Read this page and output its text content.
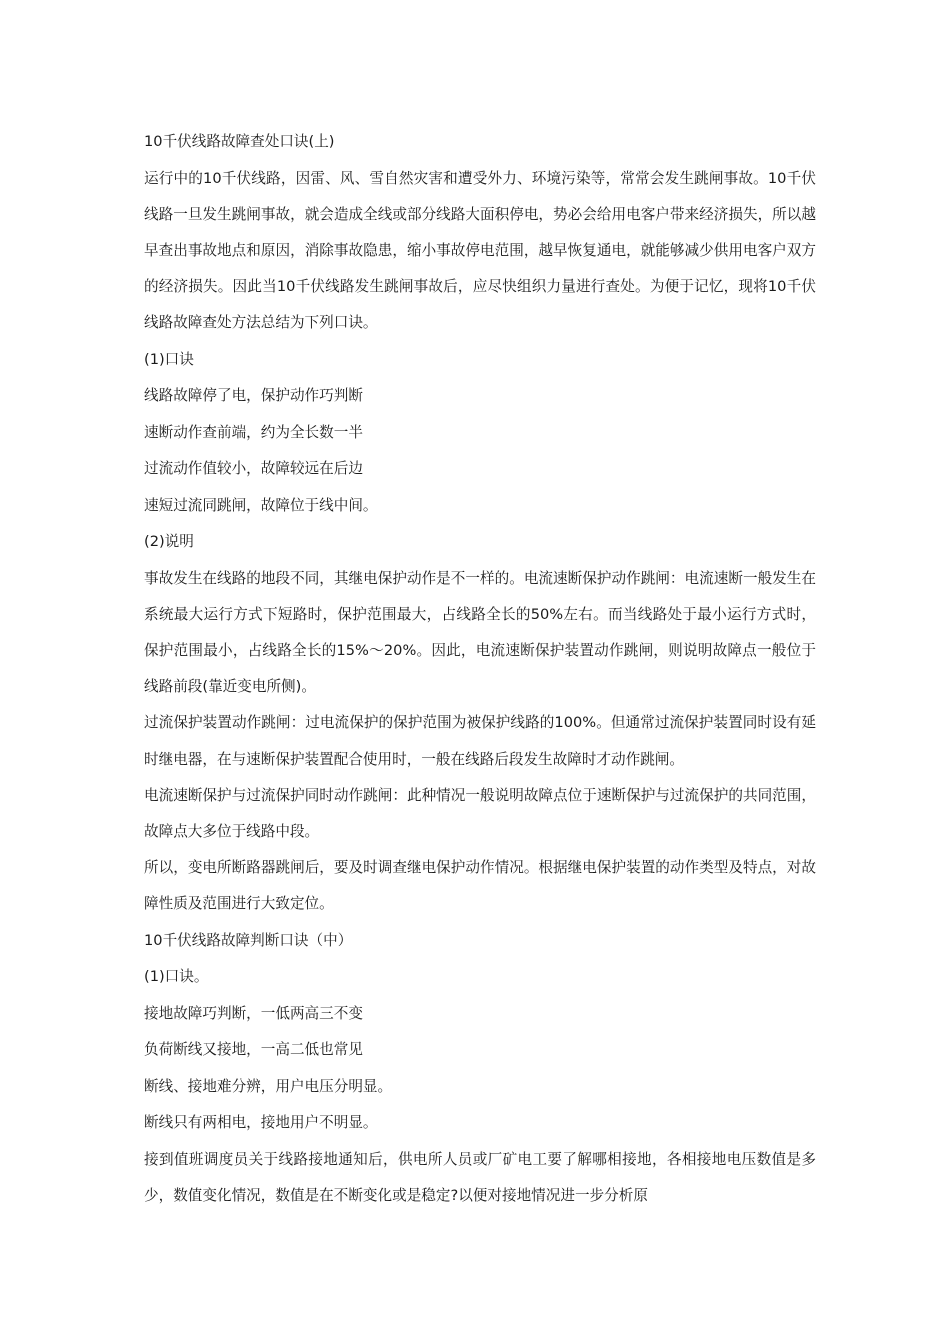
10千伏线路故障查处口诀(上)

运行中的10千伏线路，因雷、风、雪自然灾害和遭受外力、环境污染等，常常会发生跳闸事故。10千伏线路一旦发生跳闸事故，就会造成全线或部分线路大面积停电，势必会给用电客户带来经济损失，所以越早查出事故地点和原因，消除事故隐患，缩小事故停电范围，越早恢复通电，就能够减少供用电客户双方的经济损失。因此当10千伏线路发生跳闸事故后，应尽快组织力量进行查处。为便于记忆，现将10千伏线路故障查处方法总结为下列口诀。

(1)口诀

线路故障停了电，保护动作巧判断

速断动作查前端，约为全长数一半

过流动作值较小，故障较远在后边

速短过流同跳闸，故障位于线中间。

(2)说明

事故发生在线路的地段不同，其继电保护动作是不一样的。电流速断保护动作跳闸：电流速断一般发生在系统最大运行方式下短路时，保护范围最大，占线路全长的50%左右。而当线路处于最小运行方式时，保护范围最小，占线路全长的15%～20%。因此，电流速断保护装置动作跳闸，则说明故障点一般位于线路前段(靠近变电所侧)。

过流保护装置动作跳闸：过电流保护的保护范围为被保护线路的100%。但通常过流保护装置同时设有延时继电器，在与速断保护装置配合使用时，一般在线路后段发生故障时才动作跳闸。

电流速断保护与过流保护同时动作跳闸：此种情况一般说明故障点位于速断保护与过流保护的共同范围，故障点大多位于线路中段。

所以，变电所断路器跳闸后，要及时调查继电保护动作情况。根据继电保护装置的动作类型及特点，对故障性质及范围进行大致定位。

10千伏线路故障判断口诀（中）

(1)口诀。

接地故障巧判断，一低两高三不变

负荷断线又接地，一高二低也常见

断线、接地难分辨，用户电压分明显。

断线只有两相电，接地用户不明显。

接到值班调度员关于线路接地通知后，供电所人员或厂矿电工要了解哪相接地，各相接地电压数值是多少，数值变化情况，数值是在不断变化或是稳定?以便对接地情况进一步分析原
